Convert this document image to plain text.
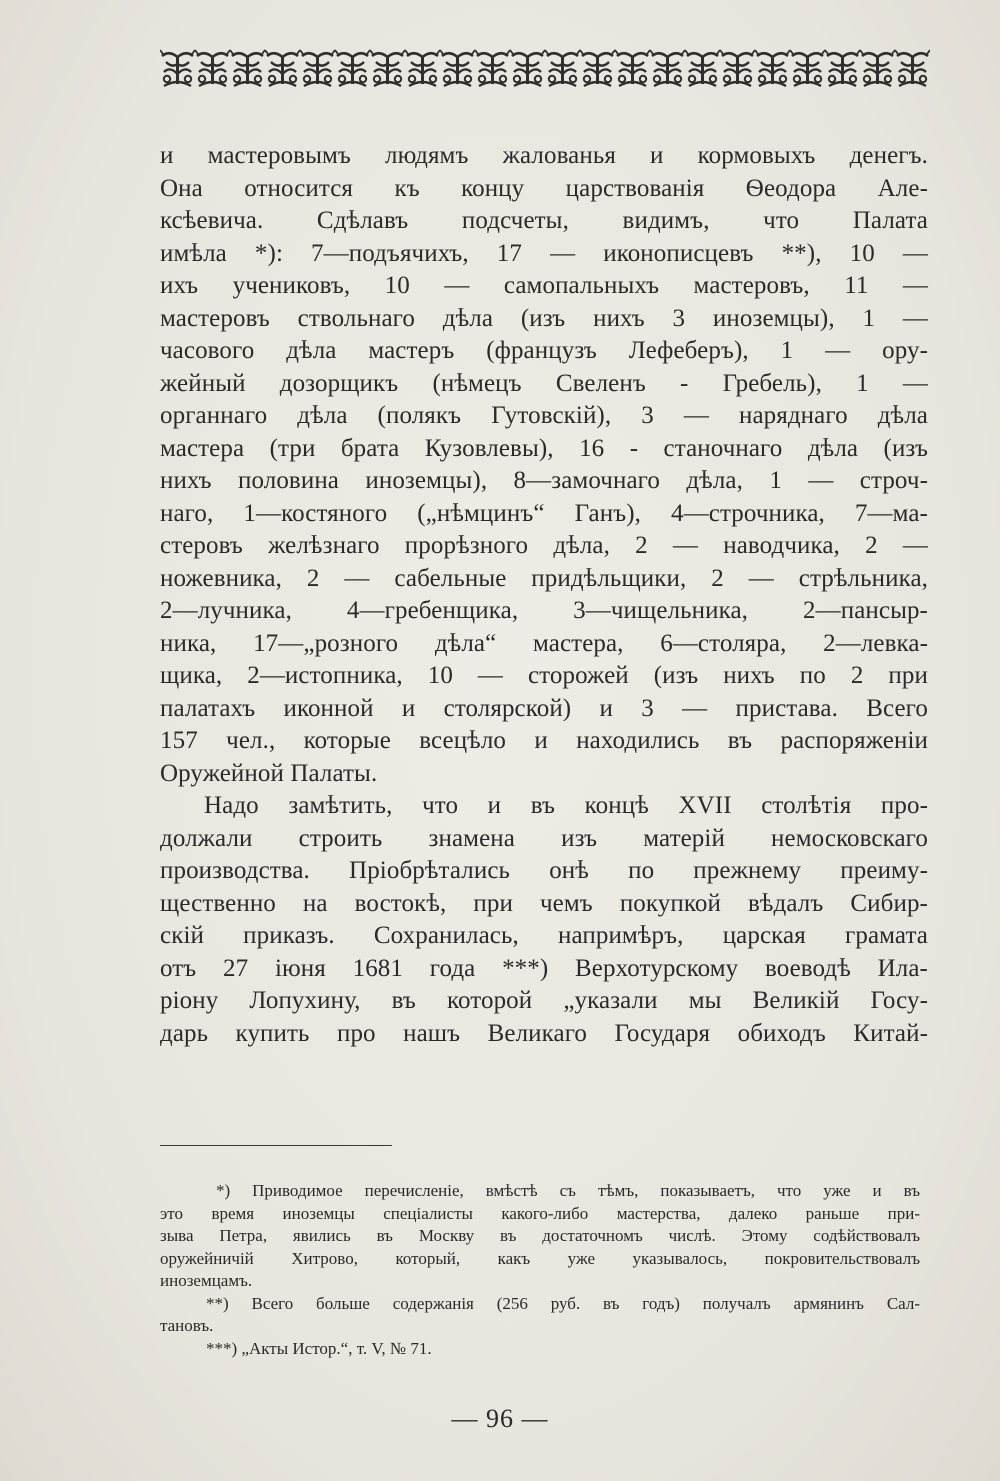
и мастеровымъ людямъ жалованья и кормовыхъ денегъ.
Она относится къ концу царствованія Ѳеодора Але-
ксѣевича. Сдѣлавъ подсчеты, видимъ, что Палата
имѣла *): 7—подъячихъ, 17 — иконописцевъ **), 10 —
ихъ учениковъ, 10 — самопальныхъ мастеровъ, 11 —
мастеровъ ствольнаго дѣла (изъ нихъ 3 иноземцы), 1 —
часового дѣла мастеръ (французъ Лефеберъ), 1 — ору-
жейный дозорщикъ (нѣмецъ Свеленъ - Гребель), 1 —
органнаго дѣла (полякъ Гутовскій), 3 — наряднаго дѣла
мастера (три брата Кузовлевы), 16 - станочнаго дѣла (изъ
нихъ половина иноземцы), 8—замочнаго дѣла, 1 — строч-
наго, 1—костяного („нѣмцинъ“ Ганъ), 4—строчника, 7—ма-
стеровъ желѣзнаго прорѣзного дѣла, 2 — наводчика, 2 —
ножевника, 2 — сабельные придѣльщики, 2 — стрѣльника,
2—лучника, 4—гребенщика, 3—чищельника, 2—пансыр-
ника, 17—„розного дѣла“ мастера, 6—столяра, 2—левка-
щика, 2—истопника, 10 — сторожей (изъ нихъ по 2 при
палатахъ иконной и столярской) и 3 — пристава. Всего
157 чел., которые всецѣло и находились въ распоряженіи
Оружейной Палаты.
Надо замѣтить, что и въ концѣ XVII столѣтія про-
должали строить знамена изъ матерій немосковскаго
производства. Пріобрѣтались онѣ по прежнему преиму-
щественно на востокѣ, при чемъ покупкой вѣдалъ Сибир-
скій приказъ. Сохранилась, напримѣръ, царская грамата
отъ 27 іюня 1681 года ***) Верхотурскому воеводѣ Ила-
ріону Лопухину, въ которой „указали мы Великій Госу-
дарь купить про нашъ Великаго Государя обиходъ Китай-
*) Приводимое перечисленіе, вмѣстѣ съ тѣмъ, показываетъ, что уже и въ
это время иноземцы спеціалисты какого-либо мастерства, далеко раньше при-
зыва Петра, явились въ Москву въ достаточномъ числѣ. Этому содѣйствовалъ
оружейничій Хитрово, который, какъ уже указывалось, покровительствовалъ
иноземцамъ.
**) Всего больше содержанія (256 руб. въ годъ) получалъ армянинъ Сал-
тановъ.
***) „Акты Истор.“, т. V, № 71.
— 96 —
